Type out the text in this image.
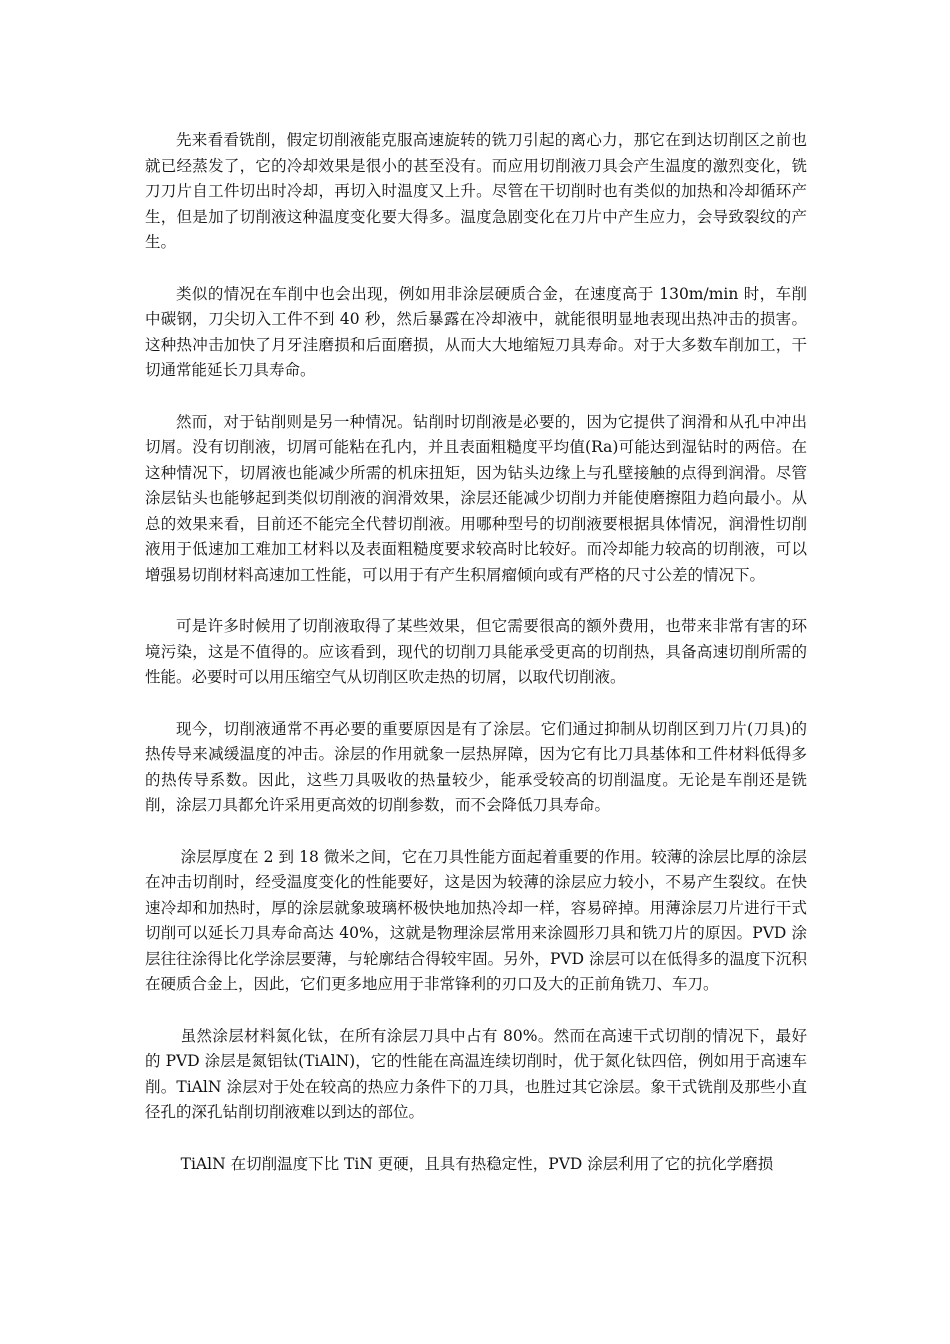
先来看看铣削，假定切削液能克服高速旋转的铣刀引起的离心力，那它在到达切削区之前也就已经蒸发了，它的冷却效果是很小的甚至没有。而应用切削液刀具会产生温度的激烈变化，铣刀刀片自工件切出时冷却，再切入时温度又上升。尽管在干切削时也有类似的加热和冷却循环产生，但是加了切削液这种温度变化要大得多。温度急剧变化在刀片中产生应力，会导致裂纹的产生。

类似的情况在车削中也会出现，例如用非涂层硬质合金，在速度高于 130m/min 时，车削中碳钢，刀尖切入工件不到 40 秒，然后暴露在冷却液中，就能很明显地表现出热冲击的损害。这种热冲击加快了月牙洼磨损和后面磨损，从而大大地缩短刀具寿命。对于大多数车削加工，干切通常能延长刀具寿命。

然而，对于钻削则是另一种情况。钻削时切削液是必要的，因为它提供了润滑和从孔中冲出切屑。没有切削液，切屑可能粘在孔内，并且表面粗糙度平均值(Ra)可能达到湿钻时的两倍。在这种情况下，切屑液也能减少所需的机床扭矩，因为钻头边缘上与孔壁接触的点得到润滑。尽管涂层钻头也能够起到类似切削液的润滑效果，涂层还能减少切削力并能使磨擦阻力趋向最小。从总的效果来看，目前还不能完全代替切削液。用哪种型号的切削液要根据具体情况，润滑性切削液用于低速加工难加工材料以及表面粗糙度要求较高时比较好。而冷却能力较高的切削液，可以增强易切削材料高速加工性能，可以用于有产生积屑瘤倾向或有严格的尺寸公差的情况下。

可是许多时候用了切削液取得了某些效果，但它需要很高的额外费用，也带来非常有害的环境污染，这是不值得的。应该看到，现代的切削刀具能承受更高的切削热，具备高速切削所需的性能。必要时可以用压缩空气从切削区吹走热的切屑，以取代切削液。

现今，切削液通常不再必要的重要原因是有了涂层。它们通过抑制从切削区到刀片(刀具)的热传导来减缓温度的冲击。涂层的作用就象一层热屏障，因为它有比刀具基体和工件材料低得多的热传导系数。因此，这些刀具吸收的热量较少，能承受较高的切削温度。无论是车削还是铣削，涂层刀具都允许采用更高效的切削参数，而不会降低刀具寿命。

涂层厚度在 2 到 18 微米之间，它在刀具性能方面起着重要的作用。较薄的涂层比厚的涂层在冲击切削时，经受温度变化的性能要好，这是因为较薄的涂层应力较小，不易产生裂纹。在快速冷却和加热时，厚的涂层就象玻璃杯极快地加热冷却一样，容易碎掉。用薄涂层刀片进行干式切削可以延长刀具寿命高达 40%，这就是物理涂层常用来涂圆形刀具和铣刀片的原因。PVD 涂层往往涂得比化学涂层要薄，与轮廓结合得较牢固。另外，PVD 涂层可以在低得多的温度下沉积在硬质合金上，因此，它们更多地应用于非常锋利的刃口及大的正前角铣刀、车刀。

虽然涂层材料氮化钛，在所有涂层刀具中占有 80%。然而在高速干式切削的情况下，最好的 PVD 涂层是氮铝钛(TiAlN)，它的性能在高温连续切削时，优于氮化钛四倍，例如用于高速车削。TiAlN 涂层对于处在较高的热应力条件下的刀具，也胜过其它涂层。象干式铣削及那些小直径孔的深孔钻削切削液难以到达的部位。

TiAlN 在切削温度下比 TiN 更硬，且具有热稳定性，PVD 涂层利用了它的抗化学磨损
